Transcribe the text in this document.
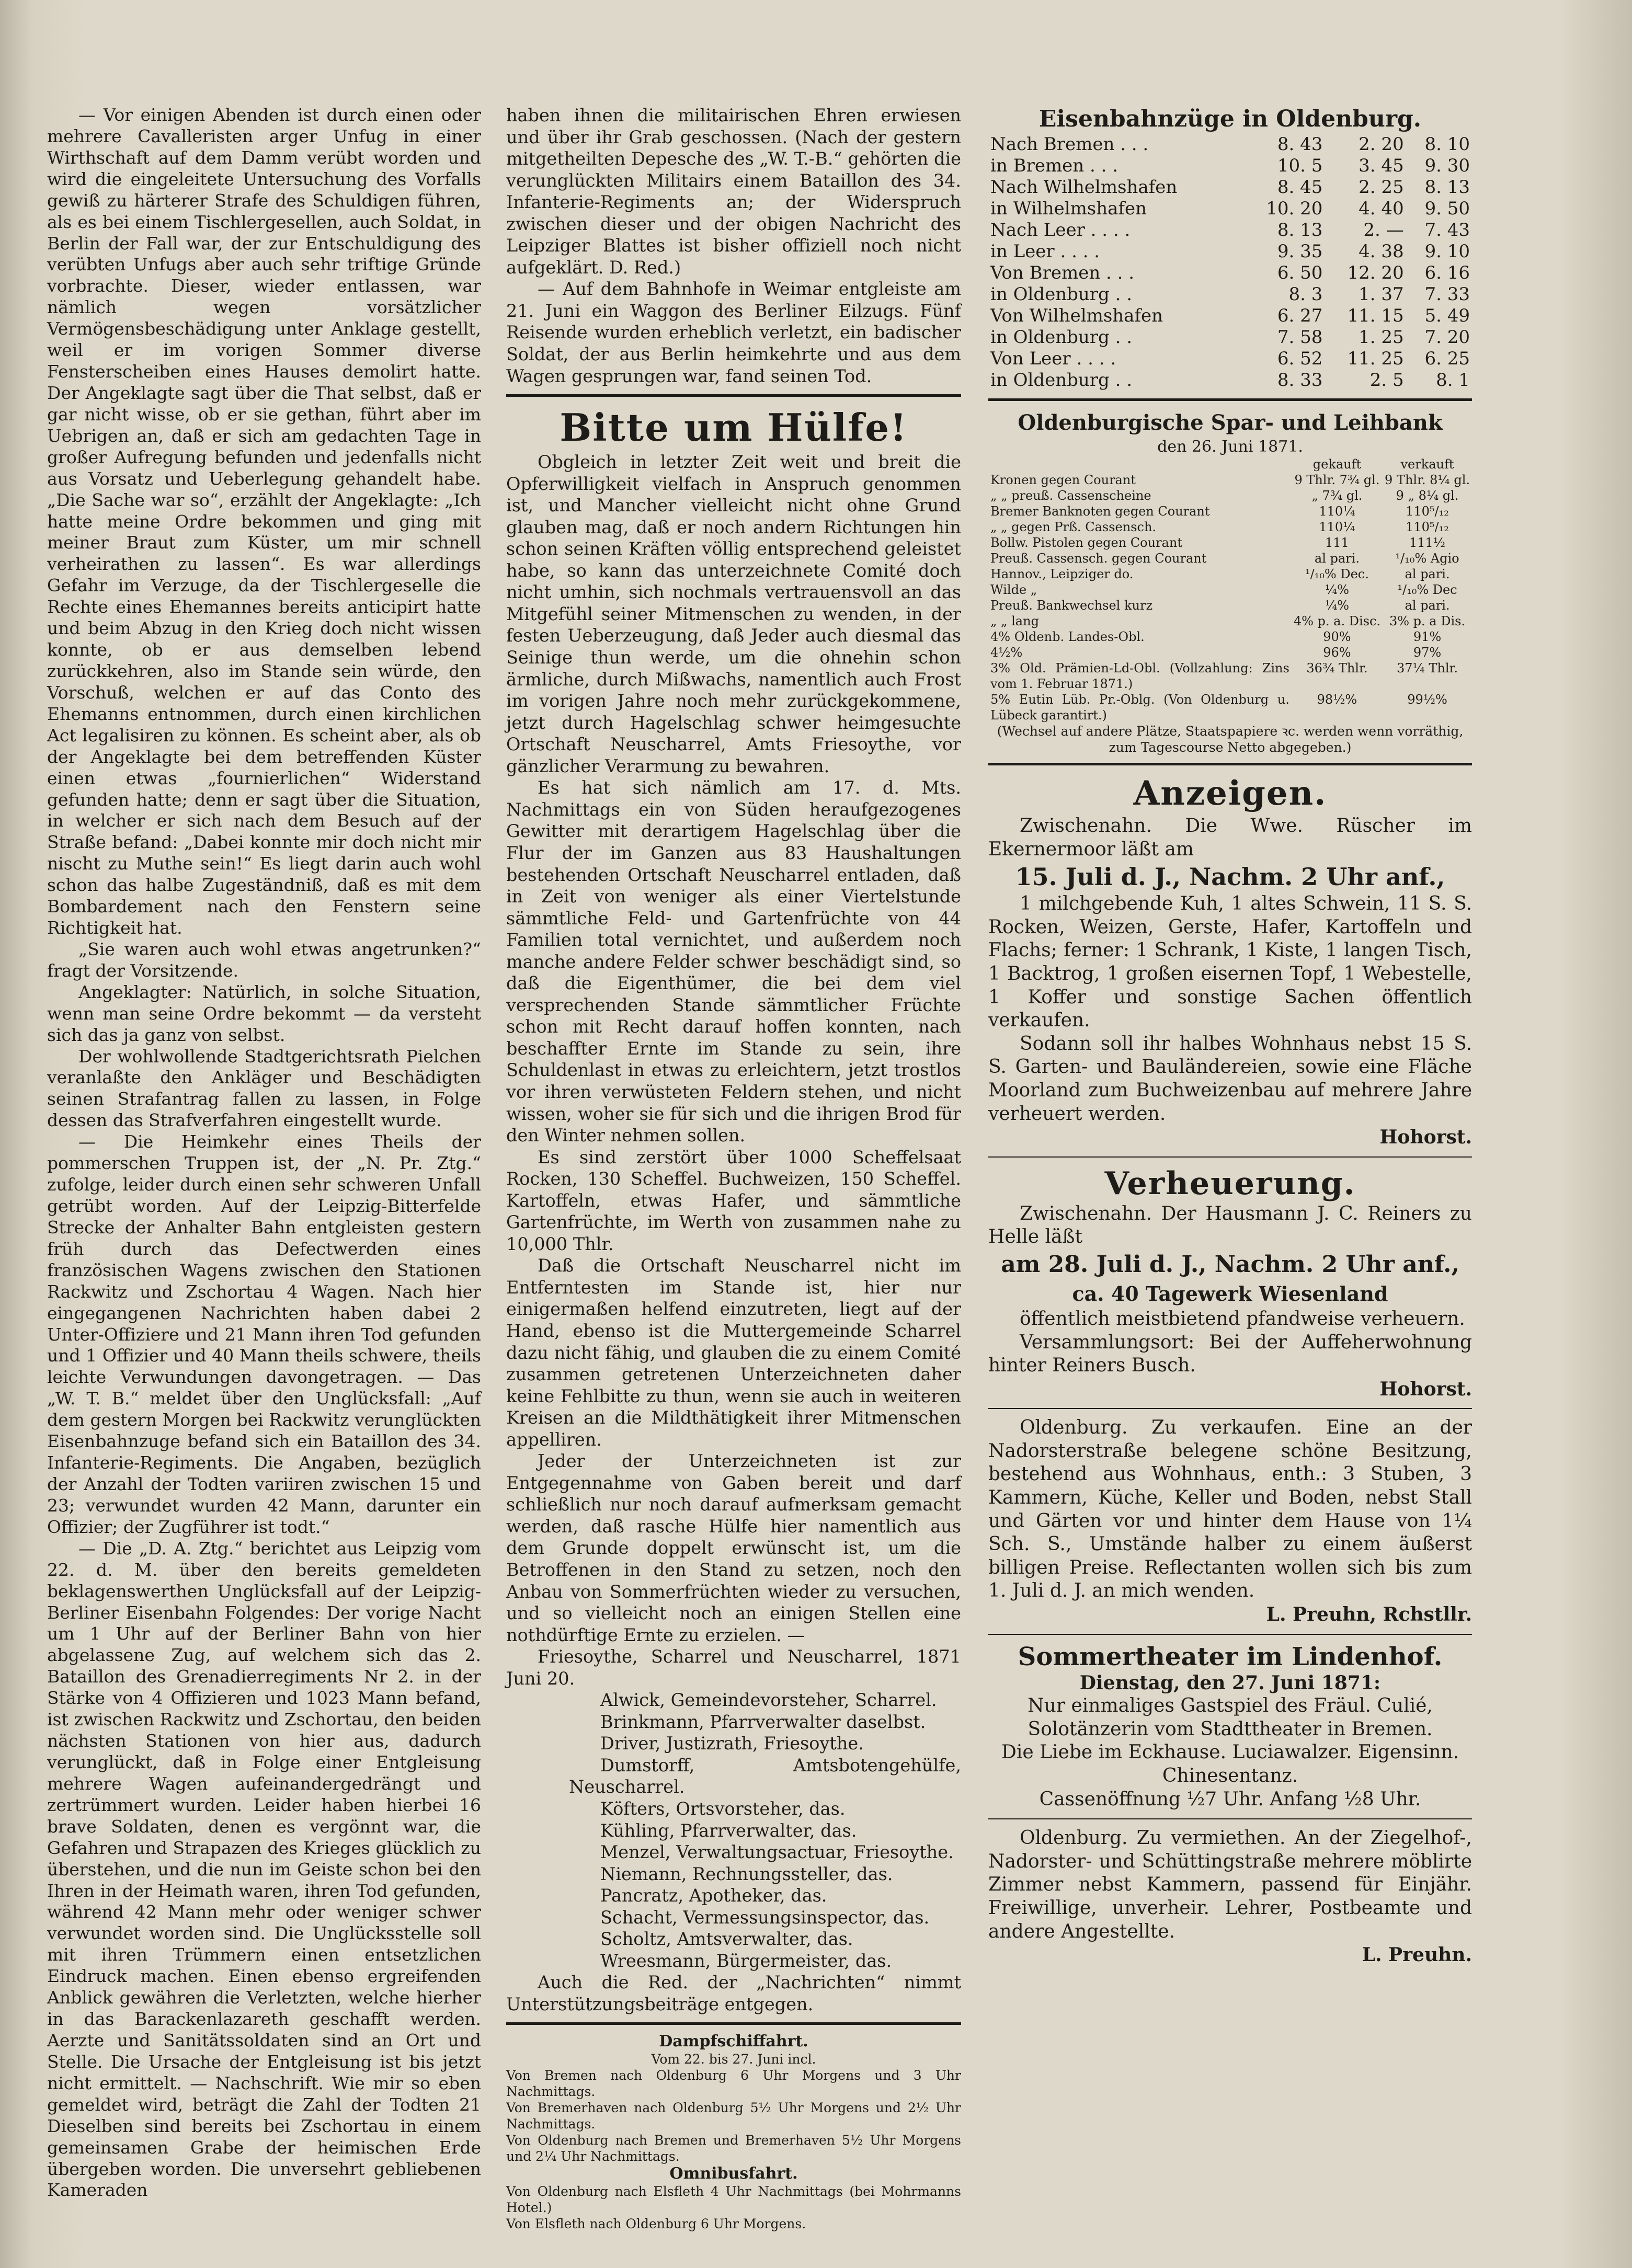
— Vor einigen Abenden ist durch einen oder mehrere Cavalleristen arger Unfug in einer Wirthschaft auf dem Damm verübt worden und wird die eingeleitete Untersuchung des Vorfalls gewiß zu härterer Strafe des Schuldigen führen, als es bei einem Tischlergesellen, auch Soldat, in Berlin der Fall war, der zur Entschuldigung des verübten Unfugs aber auch sehr triftige Gründe vorbrachte. Dieser, wieder entlassen, war nämlich wegen vorsätzlicher Vermögensbeschädigung unter Anklage gestellt, weil er im vorigen Sommer diverse Fensterscheiben eines Hauses demolirt hatte. Der Angeklagte sagt über die That selbst, daß er gar nicht wisse, ob er sie gethan, führt aber im Uebrigen an, daß er sich am gedachten Tage in großer Aufregung befunden und jedenfalls nicht aus Vorsatz und Ueberlegung gehandelt habe. „Die Sache war so“, erzählt der Angeklagte: „Ich hatte meine Ordre bekommen und ging mit meiner Braut zum Küster, um mir schnell verheirathen zu lassen“. Es war allerdings Gefahr im Verzuge, da der Tischlergeselle die Rechte eines Ehemannes bereits anticipirt hatte und beim Abzug in den Krieg doch nicht wissen konnte, ob er aus demselben lebend zurückkehren, also im Stande sein würde, den Vorschuß, welchen er auf das Conto des Ehemanns entnommen, durch einen kirchlichen Act legalisiren zu können. Es scheint aber, als ob der Angeklagte bei dem betreffenden Küster einen etwas „fournierlichen“ Widerstand gefunden hatte; denn er sagt über die Situation, in welcher er sich nach dem Besuch auf der Straße befand: „Dabei konnte mir doch nicht mir nischt zu Muthe sein!“ Es liegt darin auch wohl schon das halbe Zugeständniß, daß es mit dem Bombardement nach den Fenstern seine Richtigkeit hat.

„Sie waren auch wohl etwas angetrunken?“ fragt der Vorsitzende.

Angeklagter: Natürlich, in solche Situation, wenn man seine Ordre bekommt — da versteht sich das ja ganz von selbst.

Der wohlwollende Stadtgerichtsrath Pielchen veranlaßte den Ankläger und Beschädigten seinen Strafantrag fallen zu lassen, in Folge dessen das Strafverfahren eingestellt wurde.

— Die Heimkehr eines Theils der pommerschen Truppen ist, der „N. Pr. Ztg.“ zufolge, leider durch einen sehr schweren Unfall getrübt worden. Auf der Leipzig-Bitterfelde Strecke der Anhalter Bahn entgleisten gestern früh durch das Defectwerden eines französischen Wagens zwischen den Stationen Rackwitz und Zschortau 4 Wagen. Nach hier eingegangenen Nachrichten haben dabei 2 Unter-Offiziere und 21 Mann ihren Tod gefunden und 1 Offizier und 40 Mann theils schwere, theils leichte Verwundungen davongetragen. — Das „W. T. B.“ meldet über den Unglücksfall: „Auf dem gestern Morgen bei Rackwitz verunglückten Eisenbahnzuge befand sich ein Bataillon des 34. Infanterie-Regiments. Die Angaben, bezüglich der Anzahl der Todten variiren zwischen 15 und 23; verwundet wurden 42 Mann, darunter ein Offizier; der Zugführer ist todt.“

— Die „D. A. Ztg.“ berichtet aus Leipzig vom 22. d. M. über den bereits gemeldeten beklagenswerthen Unglücksfall auf der Leipzig-Berliner Eisenbahn Folgendes: Der vorige Nacht um 1 Uhr auf der Berliner Bahn von hier abgelassene Zug, auf welchem sich das 2. Bataillon des Grenadierregiments Nr 2. in der Stärke von 4 Offizieren und 1023 Mann befand, ist zwischen Rackwitz und Zschortau, den beiden nächsten Stationen von hier aus, dadurch verunglückt, daß in Folge einer Entgleisung mehrere Wagen aufeinandergedrängt und zertrümmert wurden. Leider haben hierbei 16 brave Soldaten, denen es vergönnt war, die Gefahren und Strapazen des Krieges glücklich zu überstehen, und die nun im Geiste schon bei den Ihren in der Heimath waren, ihren Tod gefunden, während 42 Mann mehr oder weniger schwer verwundet worden sind. Die Unglücksstelle soll mit ihren Trümmern einen entsetzlichen Eindruck machen. Einen ebenso ergreifenden Anblick gewähren die Verletzten, welche hierher in das Barackenlazareth geschafft werden. Aerzte und Sanitätssoldaten sind an Ort und Stelle. Die Ursache der Entgleisung ist bis jetzt nicht ermittelt. — Nachschrift. Wie mir so eben gemeldet wird, beträgt die Zahl der Todten 21 Dieselben sind bereits bei Zschortau in einem gemeinsamen Grabe der heimischen Erde übergeben worden. Die unversehrt gebliebenen Kameraden

haben ihnen die militairischen Ehren erwiesen und über ihr Grab geschossen. (Nach der gestern mitgetheilten Depesche des „W. T.-B.“ gehörten die verunglückten Militairs einem Bataillon des 34. Infanterie-Regiments an; der Widerspruch zwischen dieser und der obigen Nachricht des Leipziger Blattes ist bisher offiziell noch nicht aufgeklärt. D. Red.)

— Auf dem Bahnhofe in Weimar entgleiste am 21. Juni ein Waggon des Berliner Eilzugs. Fünf Reisende wurden erheblich verletzt, ein badischer Soldat, der aus Berlin heimkehrte und aus dem Wagen gesprungen war, fand seinen Tod.

Bitte um Hülfe!

Obgleich in letzter Zeit weit und breit die Opferwilligkeit vielfach in Anspruch genommen ist, und Mancher vielleicht nicht ohne Grund glauben mag, daß er noch andern Richtungen hin schon seinen Kräften völlig entsprechend geleistet habe, so kann das unterzeichnete Comité doch nicht umhin, sich nochmals vertrauensvoll an das Mitgefühl seiner Mitmenschen zu wenden, in der festen Ueberzeugung, daß Jeder auch diesmal das Seinige thun werde, um die ohnehin schon ärmliche, durch Mißwachs, namentlich auch Frost im vorigen Jahre noch mehr zurückgekommene, jetzt durch Hagelschlag schwer heimgesuchte Ortschaft Neuscharrel, Amts Friesoythe, vor gänzlicher Verarmung zu bewahren.

Es hat sich nämlich am 17. d. Mts. Nachmittags ein von Süden heraufgezogenes Gewitter mit derartigem Hagelschlag über die Flur der im Ganzen aus 83 Haushaltungen bestehenden Ortschaft Neuscharrel entladen, daß in Zeit von weniger als einer Viertelstunde sämmtliche Feld- und Gartenfrüchte von 44 Familien total vernichtet, und außerdem noch manche andere Felder schwer beschädigt sind, so daß die Eigenthümer, die bei dem viel versprechenden Stande sämmtlicher Früchte schon mit Recht darauf hoffen konnten, nach beschaffter Ernte im Stande zu sein, ihre Schuldenlast in etwas zu erleichtern, jetzt trostlos vor ihren verwüsteten Feldern stehen, und nicht wissen, woher sie für sich und die ihrigen Brod für den Winter nehmen sollen.

Es sind zerstört über 1000 Scheffelsaat Rocken, 130 Scheffel. Buchweizen, 150 Scheffel. Kartoffeln, etwas Hafer, und sämmtliche Gartenfrüchte, im Werth von zusammen nahe zu 10,000 Thlr.

Daß die Ortschaft Neuscharrel nicht im Entferntesten im Stande ist, hier nur einigermaßen helfend einzutreten, liegt auf der Hand, ebenso ist die Muttergemeinde Scharrel dazu nicht fähig, und glauben die zu einem Comité zusammen getretenen Unterzeichneten daher keine Fehlbitte zu thun, wenn sie auch in weiteren Kreisen an die Mildthätigkeit ihrer Mitmenschen appelliren.

Jeder der Unterzeichneten ist zur Entgegennahme von Gaben bereit und darf schließlich nur noch darauf aufmerksam gemacht werden, daß rasche Hülfe hier namentlich aus dem Grunde doppelt erwünscht ist, um die Betroffenen in den Stand zu setzen, noch den Anbau von Sommerfrüchten wieder zu versuchen, und so vielleicht noch an einigen Stellen eine nothdürftige Ernte zu erzielen. —

Friesoythe, Scharrel und Neuscharrel, 1871 Juni 20.

Alwick, Gemeindevorsteher, Scharrel.

Brinkmann, Pfarrverwalter daselbst.

Driver, Justizrath, Friesoythe.

Dumstorff, Amtsbotengehülfe, Neuscharrel.

Köfters, Ortsvorsteher, das.

Kühling, Pfarrverwalter, das.

Menzel, Verwaltungsactuar, Friesoythe.

Niemann, Rechnungssteller, das.

Pancratz, Apotheker, das.

Schacht, Vermessungsinspector, das.

Scholtz, Amtsverwalter, das.

Wreesmann, Bürgermeister, das.

Auch die Red. der „Nachrichten“ nimmt Unterstützungsbeiträge entgegen.

Dampfschiffahrt.
Vom 22. bis 27. Juni incl.
Von Bremen nach Oldenburg 6 Uhr Morgens und 3 Uhr Nachmittags.
Von Bremerhaven nach Oldenburg 5½ Uhr Morgens und 2½ Uhr Nachmittags.
Von Oldenburg nach Bremen und Bremerhaven 5½ Uhr Morgens und 2¼ Uhr Nachmittags.
Omnibusfahrt.
Von Oldenburg nach Elsfleth 4 Uhr Nachmittags (bei Mohrmanns Hotel.)
Von Elsfleth nach Oldenburg 6 Uhr Morgens.
Eisenbahnzüge in Oldenburg.
Nach Bremen . . .	8. 43	2. 20	8. 10
in Bremen . . .	10. 5	3. 45	9. 30
Nach Wilhelmshafen	8. 45	2. 25	8. 13
in Wilhelmshafen	10. 20	4. 40	9. 50
Nach Leer . . . .	8. 13	2. —	7. 43
in Leer . . . .	9. 35	4. 38	9. 10
Von Bremen . . .	6. 50	12. 20	6. 16
in Oldenburg . .	8. 3	1. 37	7. 33
Von Wilhelmshafen	6. 27	11. 15	5. 49
in Oldenburg . .	7. 58	1. 25	7. 20
Von Leer . . . .	6. 52	11. 25	6. 25
in Oldenburg . .	8. 33	2. 5	8. 1
Oldenburgische Spar- und Leihbank
den 26. Juni 1871.
	gekauft	verkauft
Kronen gegen Courant	9 Thlr. 7¾ gl.	9 Thlr. 8¼ gl.
„ „ preuß. Cassenscheine	„ 7¾ gl.	9 „ 8¼ gl.
Bremer Banknoten gegen Courant	110¼	110⁵/₁₂
„ „ gegen Prß. Cassensch.	110¼	110⁵/₁₂
Bollw. Pistolen gegen Courant	111	111½
Preuß. Cassensch. gegen Courant	al pari.	¹/₁₀% Agio
Hannov., Leipziger do.	¹/₁₀% Dec.	al pari.
Wilde „	¼%	¹/₁₀% Dec
Preuß. Bankwechsel kurz	¼%	al pari.
„ „ lang	4% p. a. Disc.	3% p. a Dis.
4% Oldenb. Landes-Obl.	90%	91%
4½%	96%	97%
3% Old. Prämien-Ld-Obl. (Vollzahlung: Zins vom 1. Februar 1871.)	36¾ Thlr.	37¼ Thlr.
5% Eutin Lüb. Pr.-Oblg. (Von Oldenburg u. Lübeck garantirt.)	98½%	99½%
(Wechsel auf andere Plätze, Staatspapiere ꝛc. werden wenn vorräthig, zum Tagescourse Netto abgegeben.)
Anzeigen.

Zwischenahn. Die Wwe. Rüscher im Ekernermoor läßt am

15. Juli d. J., Nachm. 2 Uhr anf.,

1 milchgebende Kuh, 1 altes Schwein, 11 S. S. Rocken, Weizen, Gerste, Hafer, Kartoffeln und Flachs; ferner: 1 Schrank, 1 Kiste, 1 langen Tisch, 1 Backtrog, 1 großen eisernen Topf, 1 Webestelle, 1 Koffer und sonstige Sachen öffentlich verkaufen.

Sodann soll ihr halbes Wohnhaus nebst 15 S. S. Garten- und Bauländereien, sowie eine Fläche Moorland zum Buchweizenbau auf mehrere Jahre verheuert werden.

Hohorst.
Verheuerung.

Zwischenahn. Der Hausmann J. C. Reiners zu Helle läßt

am 28. Juli d. J., Nachm. 2 Uhr anf.,
ca. 40 Tagewerk Wiesenland

öffentlich meistbietend pfandweise verheuern.

Versammlungsort: Bei der Auffeherwohnung hinter Reiners Busch.

Hohorst.

Oldenburg. Zu verkaufen. Eine an der Nadorsterstraße belegene schöne Besitzung, bestehend aus Wohnhaus, enth.: 3 Stuben, 3 Kammern, Küche, Keller und Boden, nebst Stall und Gärten vor und hinter dem Hause von 1¼ Sch. S., Umstände halber zu einem äußerst billigen Preise. Reflectanten wollen sich bis zum 1. Juli d. J. an mich wenden.

L. Preuhn, Rchstllr.
Sommertheater im Lindenhof.
Dienstag, den 27. Juni 1871:

Nur einmaliges Gastspiel des Fräul. Culié, Solotänzerin vom Stadttheater in Bremen.

Die Liebe im Eckhause. Luciawalzer. Eigensinn. Chinesentanz.

Cassenöffnung ½7 Uhr. Anfang ½8 Uhr.

Oldenburg. Zu vermiethen. An der Ziegelhof-, Nadorster- und Schüttingstraße mehrere möblirte Zimmer nebst Kammern, passend für Einjähr. Freiwillige, unverheir. Lehrer, Postbeamte und andere Angestellte.

L. Preuhn.
